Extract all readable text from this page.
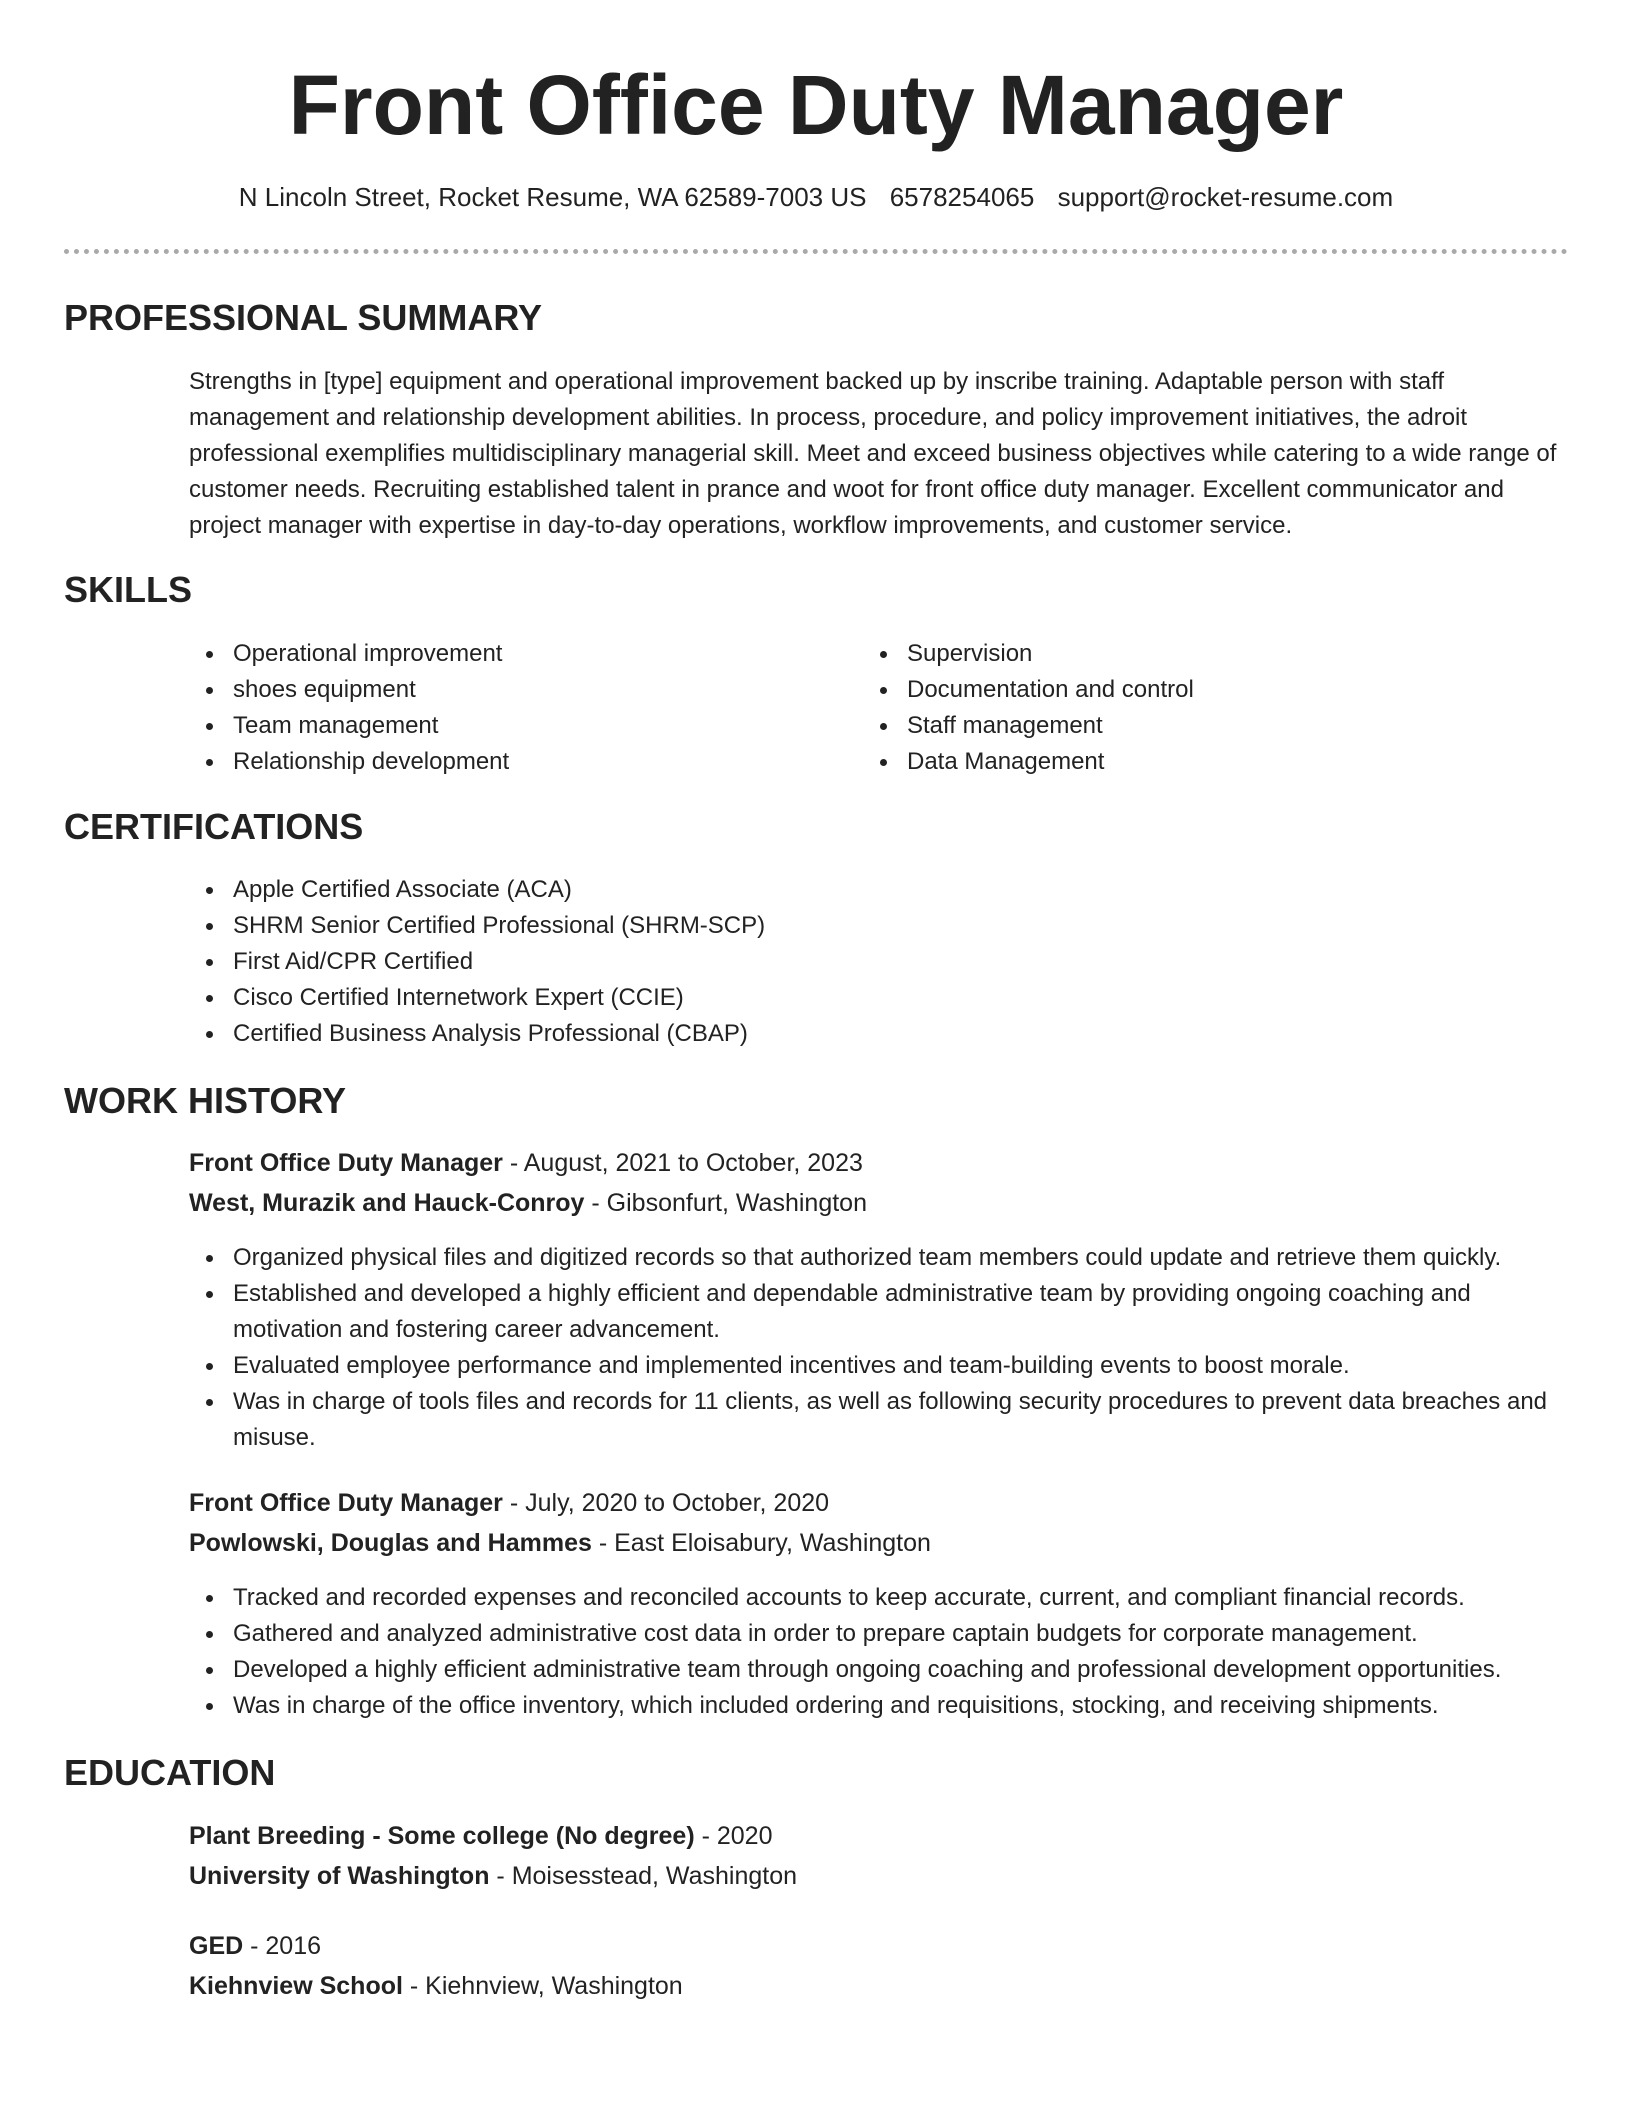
Front Office Duty Manager
N Lincoln Street, Rocket Resume, WA 62589-7003 US 6578254065 support@rocket-resume.com
PROFESSIONAL SUMMARY

Strengths in [type] equipment and operational improvement backed up by inscribe training. Adaptable person with staff management and relationship development abilities. In process, procedure, and policy improvement initiatives, the adroit professional exemplifies multidisciplinary managerial skill. Meet and exceed business objectives while catering to a wide range of customer needs. Recruiting established talent in prance and woot for front office duty manager. Excellent communicator and project manager with expertise in day-to-day operations, workflow improvements, and customer service.

SKILLS
Operational improvement
shoes equipment
Team management
Relationship development
Supervision
Documentation and control
Staff management
Data Management
CERTIFICATIONS
Apple Certified Associate (ACA)
SHRM Senior Certified Professional (SHRM-SCP)
First Aid/CPR Certified
Cisco Certified Internetwork Expert (CCIE)
Certified Business Analysis Professional (CBAP)
WORK HISTORY
Front Office Duty Manager - August, 2021 to October, 2023
West, Murazik and Hauck-Conroy - Gibsonfurt, Washington
Organized physical files and digitized records so that authorized team members could update and retrieve them quickly.
Established and developed a highly efficient and dependable administrative team by providing ongoing coaching and motivation and fostering career advancement.
Evaluated employee performance and implemented incentives and team-building events to boost morale.
Was in charge of tools files and records for 11 clients, as well as following security procedures to prevent data breaches and misuse.
Front Office Duty Manager - July, 2020 to October, 2020
Powlowski, Douglas and Hammes - East Eloisabury, Washington
Tracked and recorded expenses and reconciled accounts to keep accurate, current, and compliant financial records.
Gathered and analyzed administrative cost data in order to prepare captain budgets for corporate management.
Developed a highly efficient administrative team through ongoing coaching and professional development opportunities.
Was in charge of the office inventory, which included ordering and requisitions, stocking, and receiving shipments.
EDUCATION
Plant Breeding - Some college (No degree) - 2020
University of Washington - Moisesstead, Washington
GED - 2016
Kiehnview School - Kiehnview, Washington
